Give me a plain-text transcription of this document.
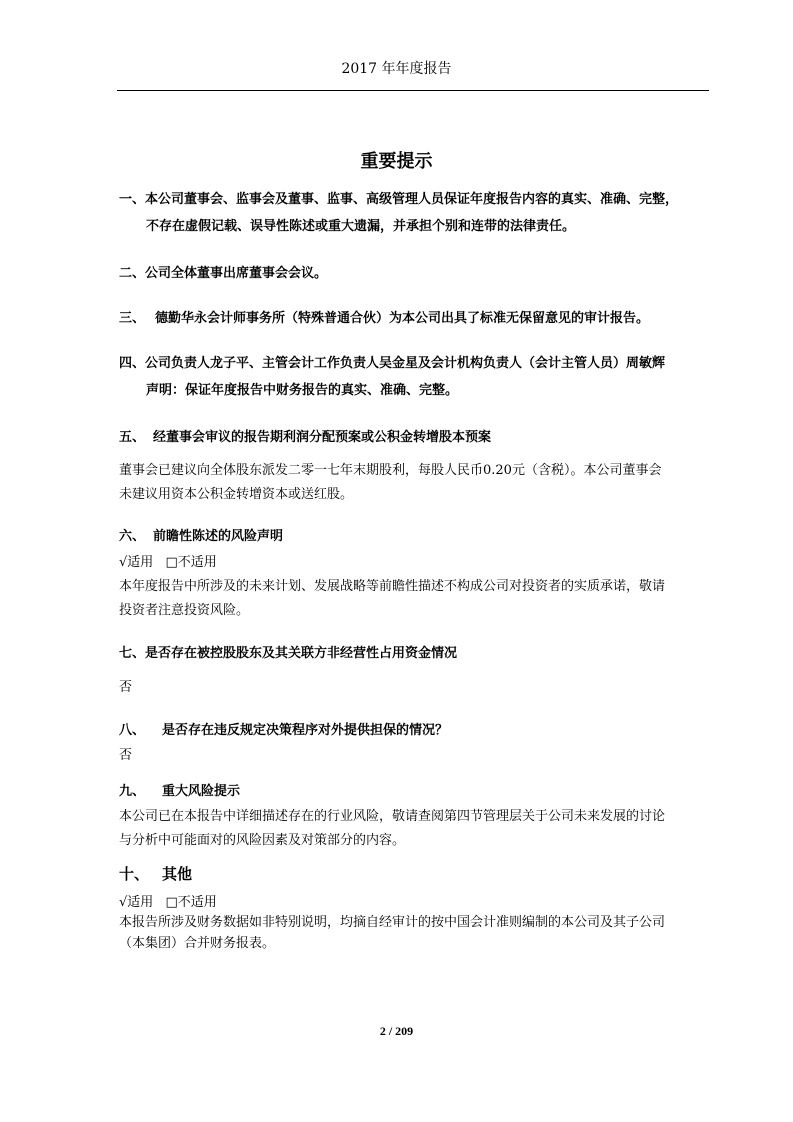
2017 年年度报告
重要提示
一、本公司董事会、监事会及董事、监事、高级管理人员保证年度报告内容的真实、准确、完整，
不存在虚假记载、误导性陈述或重大遗漏，并承担个别和连带的法律责任。
二、公司全体董事出席董事会会议。
三、 德勤华永会计师事务所（特殊普通合伙）为本公司出具了标准无保留意见的审计报告。
四、公司负责人龙子平、主管会计工作负责人吴金星及会计机构负责人（会计主管人员）周敏辉
声明：保证年度报告中财务报告的真实、准确、完整。
五、 经董事会审议的报告期利润分配预案或公积金转增股本预案
董事会已建议向全体股东派发二零一七年末期股利，每股人民币0.20元（含税）。本公司董事会
未建议用资本公积金转增资本或送红股。
六、 前瞻性陈述的风险声明
√适用 □不适用
本年度报告中所涉及的未来计划、发展战略等前瞻性描述不构成公司对投资者的实质承诺，敬请
投资者注意投资风险。
七、是否存在被控股股东及其关联方非经营性占用资金情况
否
八、 是否存在违反规定决策程序对外提供担保的情况？
否
九、 重大风险提示
本公司已在本报告中详细描述存在的行业风险，敬请查阅第四节管理层关于公司未来发展的讨论
与分析中可能面对的风险因素及对策部分的内容。
十、 其他
√适用 □不适用
本报告所涉及财务数据如非特别说明，均摘自经审计的按中国会计准则编制的本公司及其子公司
（本集团）合并财务报表。
2 / 209
